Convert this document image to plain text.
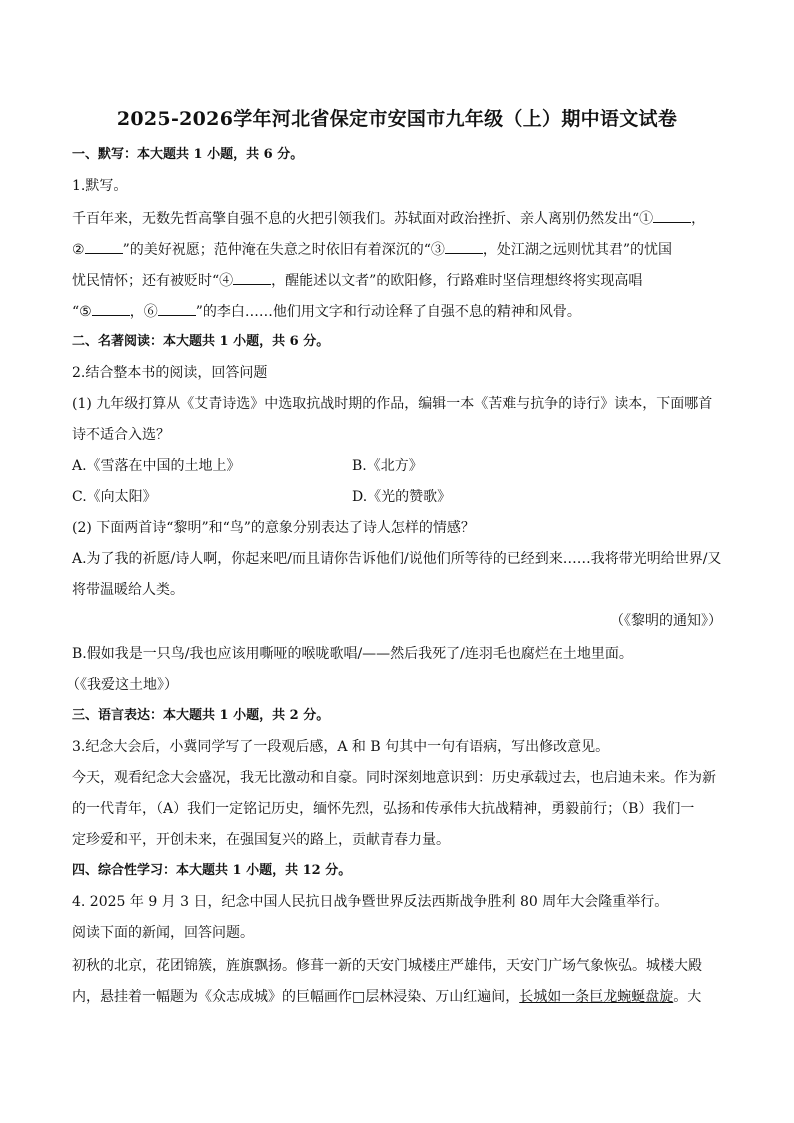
2025-2026学年河北省保定市安国市九年级（上）期中语文试卷
一、默写：本大题共 1 小题，共 6 分。
1.默写。
千百年来，无数先哲高擎自强不息的火把引领我们。苏轼面对政治挫折、亲人离别仍然发出“①	，
②	”的美好祝愿；范仲淹在失意之时依旧有着深沉的“③	，处江湖之远则忧其君”的忧国
忧民情怀；还有被贬时“④	，醒能述以文者”的欧阳修，行路难时坚信理想终将实现高唱
“⑤	，⑥	”的李白……他们用文字和行动诠释了自强不息的精神和风骨。
二、名著阅读：本大题共 1 小题，共 6 分。
2.结合整本书的阅读，回答问题
(1) 九年级打算从《艾青诗选》中选取抗战时期的作品，编辑一本《苦难与抗争的诗行》读本，下面哪首
诗不适合入选？
A.《雪落在中国的土地上》	B.《北方》
C.《向太阳》	D.《光的赞歌》
(2) 下面两首诗“黎明”和“鸟”的意象分别表达了诗人怎样的情感？
A.为了我的祈愿/诗人啊，你起来吧/而且请你告诉他们/说他们所等待的已经到来……我将带光明给世界/又
将带温暖给人类。
（《黎明的通知》）
B.假如我是一只鸟/我也应该用嘶哑的喉咙歌唱/——然后我死了/连羽毛也腐烂在土地里面。
（《我爱这土地》）
三、语言表达：本大题共 1 小题，共 2 分。
3.纪念大会后，小冀同学写了一段观后感，A 和 B 句其中一句有语病，写出修改意见。
今天，观看纪念大会盛况，我无比激动和自豪。同时深刻地意识到：历史承载过去，也启迪未来。作为新
的一代青年，（A）我们一定铭记历史，缅怀先烈，弘扬和传承伟大抗战精神，勇毅前行；（B）我们一
定珍爱和平，开创未来，在强国复兴的路上，贡献青春力量。
四、综合性学习：本大题共 1 小题，共 12 分。
4. 2025 年 9 月 3 日，纪念中国人民抗日战争暨世界反法西斯战争胜利 80 周年大会隆重举行。
阅读下面的新闻，回答问题。
初秋的北京，花团锦簇，旌旗飘扬。修葺一新的天安门城楼庄严雄伟，天安门广场气象恢弘。城楼大殿
内，悬挂着一幅题为《众志成城》的巨幅画作□层林浸染、万山红遍间，长城如一条巨龙蜿蜒盘旋。大
